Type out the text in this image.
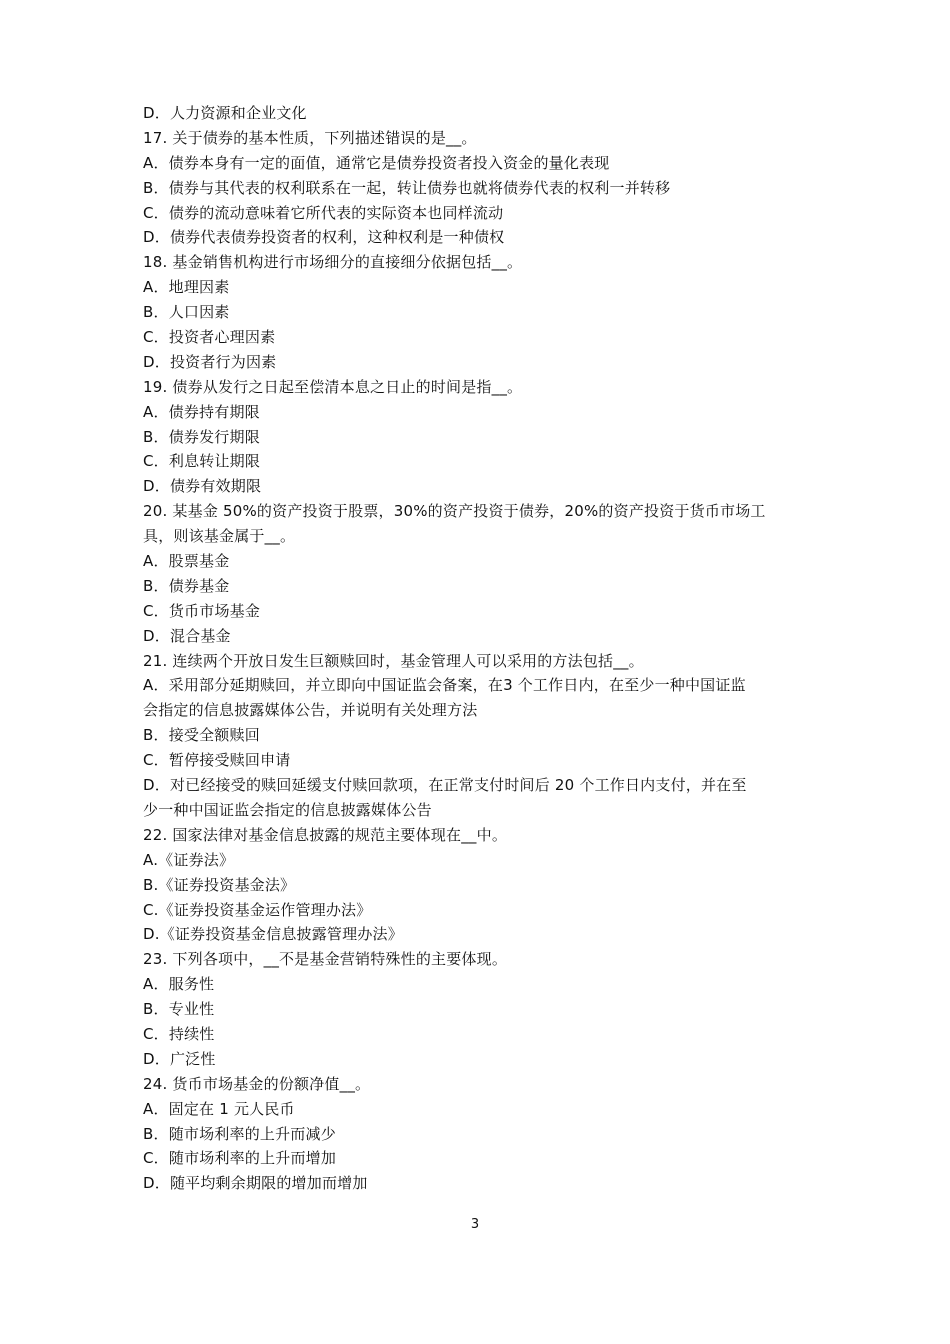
D．人力资源和企业文化
17. 关于债券的基本性质，下列描述错误的是__。
A．债券本身有一定的面值，通常它是债券投资者投入资金的量化表现
B．债券与其代表的权利联系在一起，转让债券也就将债券代表的权利一并转移
C．债券的流动意味着它所代表的实际资本也同样流动
D．债券代表债券投资者的权利，这种权利是一种债权
18. 基金销售机构进行市场细分的直接细分依据包括__。
A．地理因素
B．人口因素
C．投资者心理因素
D．投资者行为因素
19. 债券从发行之日起至偿清本息之日止的时间是指__。
A．债券持有期限
B．债券发行期限
C．利息转让期限
D．债券有效期限
20. 某基金 50%的资产投资于股票，30%的资产投资于债券，20%的资产投资于货币市场工
具，则该基金属于__。
A．股票基金
B．债券基金
C．货币市场基金
D．混合基金
21. 连续两个开放日发生巨额赎回时，基金管理人可以采用的方法包括__。
A．采用部分延期赎回，并立即向中国证监会备案，在3 个工作日内，在至少一种中国证监
会指定的信息披露媒体公告，并说明有关处理方法
B．接受全额赎回
C．暂停接受赎回申请
D．对已经接受的赎回延缓支付赎回款项，在正常支付时间后 20 个工作日内支付，并在至
少一种中国证监会指定的信息披露媒体公告
22. 国家法律对基金信息披露的规范主要体现在__中。
A.《证券法》
B.《证券投资基金法》
C.《证券投资基金运作管理办法》
D.《证券投资基金信息披露管理办法》
23. 下列各项中，__不是基金营销特殊性的主要体现。
A．服务性
B．专业性
C．持续性
D．广泛性
24. 货币市场基金的份额净值__。
A．固定在 1 元人民币
B．随市场利率的上升而减少
C．随市场利率的上升而增加
D．随平均剩余期限的增加而增加
3
